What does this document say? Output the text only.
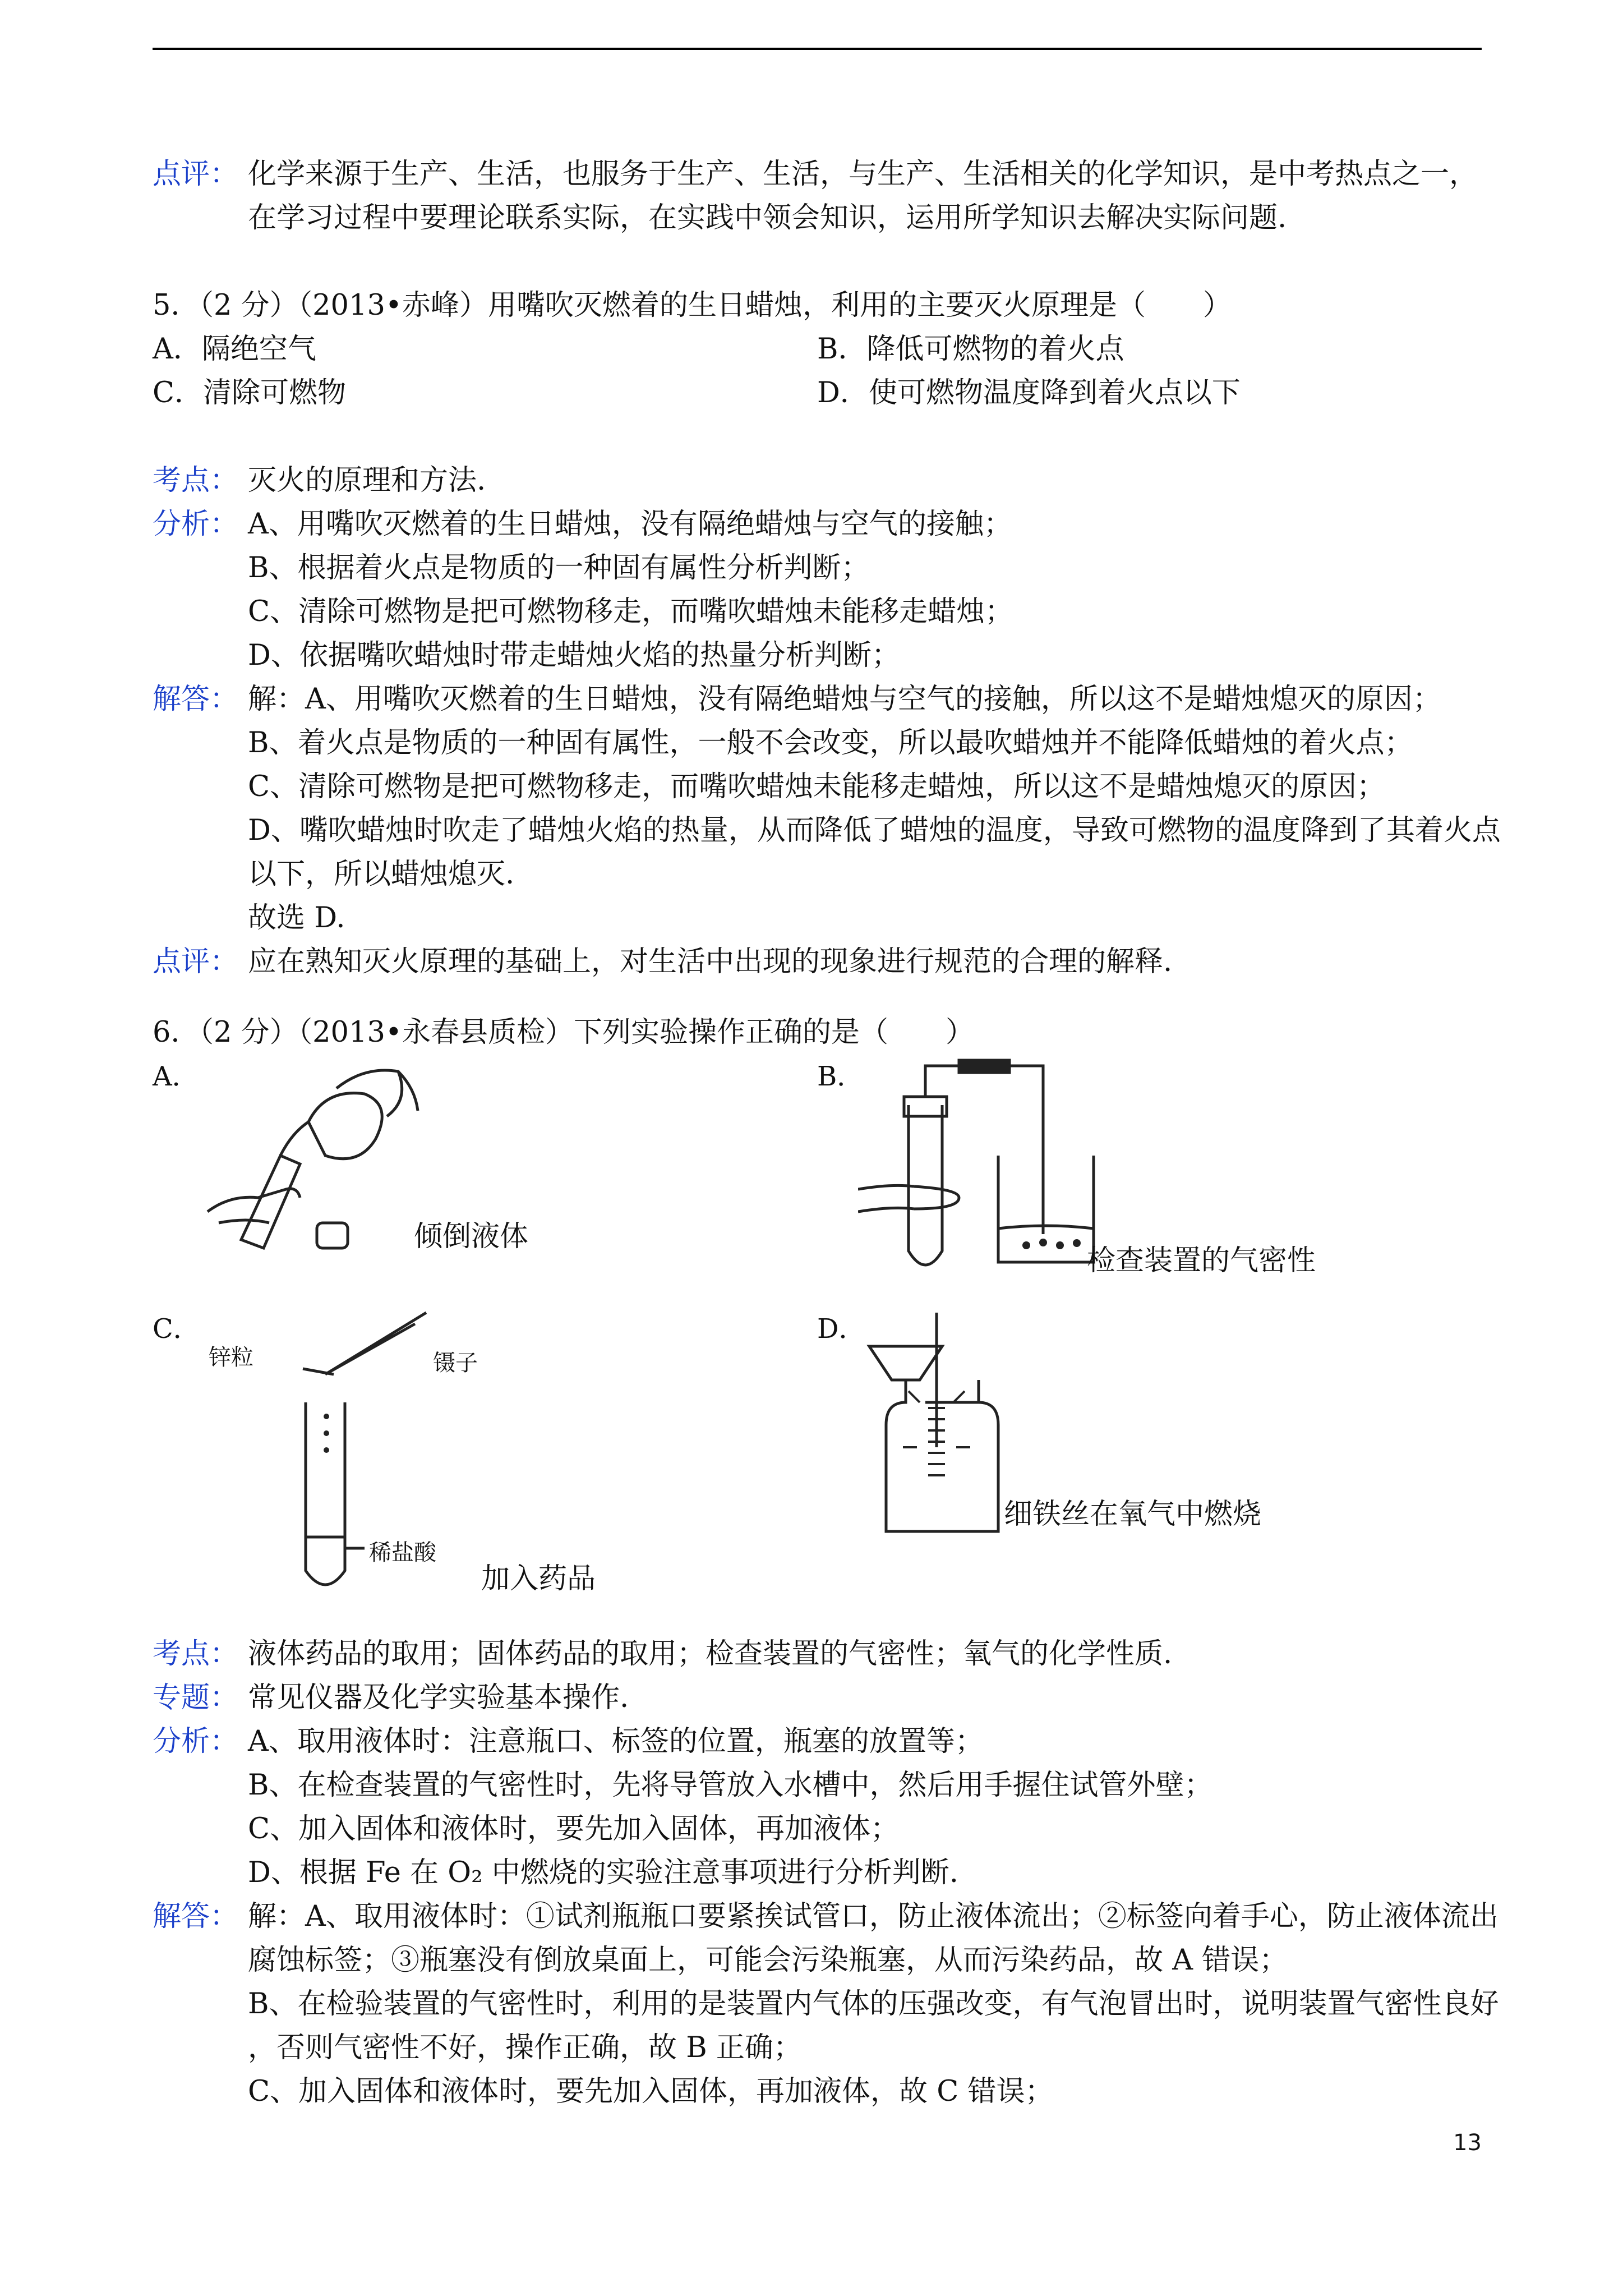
点评： 化学来源于生产、生活，也服务于生产、生活，与生产、生活相关的化学知识，是中考热点之一，
在学习过程中要理论联系实际，在实践中领会知识，运用所学知识去解决实际问题.
5．（2 分）（2013•赤峰）用嘴吹灭燃着的生日蜡烛，利用的主要灭火原理是（　　）
A．隔绝空气	B．降低可燃物的着火点
C．清除可燃物	D．使可燃物温度降到着火点以下
考点： 灭火的原理和方法.
分析： A、用嘴吹灭燃着的生日蜡烛，没有隔绝蜡烛与空气的接触；
B、根据着火点是物质的一种固有属性分析判断；
C、清除可燃物是把可燃物移走，而嘴吹蜡烛未能移走蜡烛；
D、依据嘴吹蜡烛时带走蜡烛火焰的热量分析判断；
解答： 解：A、用嘴吹灭燃着的生日蜡烛，没有隔绝蜡烛与空气的接触，所以这不是蜡烛熄灭的原因；
B、着火点是物质的一种固有属性，一般不会改变，所以最吹蜡烛并不能降低蜡烛的着火点；
C、清除可燃物是把可燃物移走，而嘴吹蜡烛未能移走蜡烛，所以这不是蜡烛熄灭的原因；
D、嘴吹蜡烛时吹走了蜡烛火焰的热量，从而降低了蜡烛的温度，导致可燃物的温度降到了其着火点
以下，所以蜡烛熄灭.
故选 D.
点评： 应在熟知灭火原理的基础上，对生活中出现的现象进行规范的合理的解释.
6．（2 分）（2013•永春县质检）下列实验操作正确的是（　　）
A．	B．
C．	D．
倾倒液体
检查装置的气密性
锌粒	镊子
稀盐酸
加入药品
细铁丝在氧气中燃烧
考点： 液体药品的取用；固体药品的取用；检查装置的气密性；氧气的化学性质.
专题： 常见仪器及化学实验基本操作.
分析： A、取用液体时：注意瓶口、标签的位置，瓶塞的放置等；
B、在检查装置的气密性时，先将导管放入水槽中，然后用手握住试管外壁；
C、加入固体和液体时，要先加入固体，再加液体；
D、根据 Fe 在 O₂ 中燃烧的实验注意事项进行分析判断.
解答： 解：A、取用液体时：①试剂瓶瓶口要紧挨试管口，防止液体流出；②标签向着手心，防止液体流出
腐蚀标签；③瓶塞没有倒放桌面上，可能会污染瓶塞，从而污染药品，故 A 错误；
B、在检验装置的气密性时，利用的是装置内气体的压强改变，有气泡冒出时，说明装置气密性良好
，否则气密性不好，操作正确，故 B 正确；
C、加入固体和液体时，要先加入固体，再加液体，故 C 错误；
13
